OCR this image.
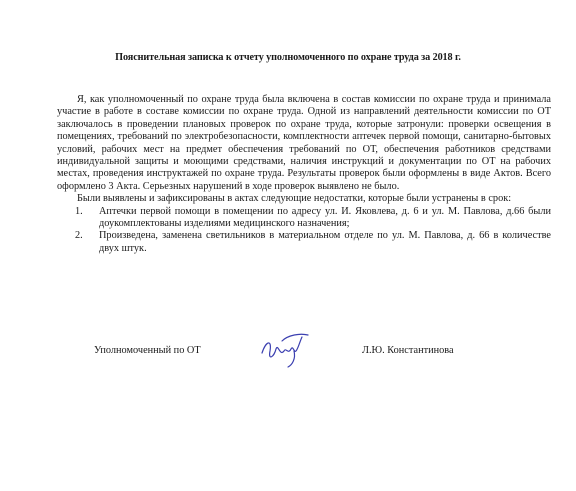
Пояснительная записка к отчету уполномоченного по охране труда за 2018 г.

Я, как уполномоченный по охране труда была включена в состав комиссии по охране труда и принимала участие в работе в составе комиссии по охране труда. Одной из направлений деятельности комиссии по ОТ заключалось в проведении плановых проверок по охране труда, которые затронули: проверки освещения в помещениях, требований по электробезопасности, комплектности аптечек первой помощи, санитарно-бытовых условий, рабочих мест на предмет обеспечения требований по ОТ, обеспечения работников средствами индивидуальной защиты и моющими средствами, наличия инструкций и документации по ОТ на рабочих местах, проведения инструктажей по охране труда. Результаты проверок были оформлены в виде Актов. Всего оформлено 3 Акта. Серьезных нарушений в ходе проверок выявлено не было.

Были выявлены и зафиксированы в актах следующие недостатки, которые были устранены в срок:

1. Аптечки первой помощи в помещении по адресу ул. И. Яковлева, д. 6 и ул. М. Павлова, д.66 были доукомплектованы изделиями медицинского назначения;
2. Произведена, заменена светильников в материальном отделе по ул. М. Павлова, д. 66 в количестве двух штук.
Уполномоченный по ОТ	Л.Ю. Константинова
